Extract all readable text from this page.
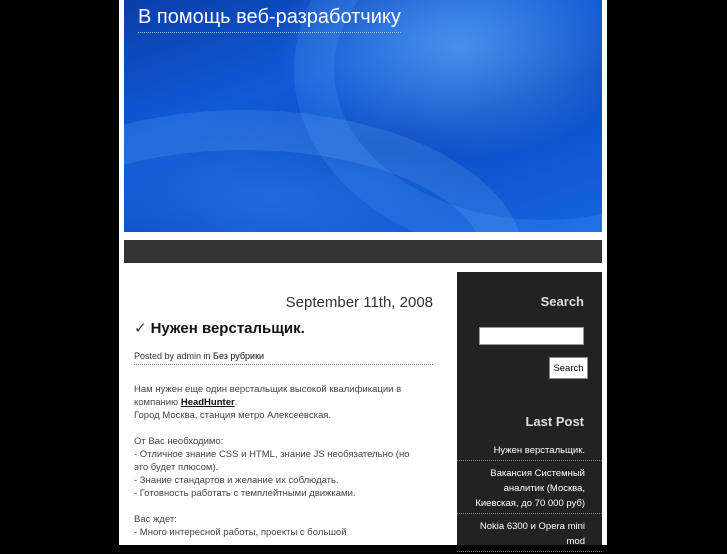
В помощь веб-разработчику
September 11th, 2008
✓ Нужен верстальщик.
Posted by admin in Без рубрики

Нам нужен еще один верстальщик высокой квалификации в компанию HeadHunter.
Город Москва, станция метро Алексеевская.

От Вас необходимо:
- Отличное знание CSS и HTML, знание JS необязательно (но это будет плюсом).
- Знание стандартов и желание их соблюдать.
- Готовность работать с темплейтными движками.

Вас ждет:
- Много интересной работы, проекты с большой

Search
Search
Last Post
Нужен верстальщик.
Вакансия Системный аналитик (Москва, Киевская, до 70 000 руб)
Nokia 6300 и Opera mini mod
